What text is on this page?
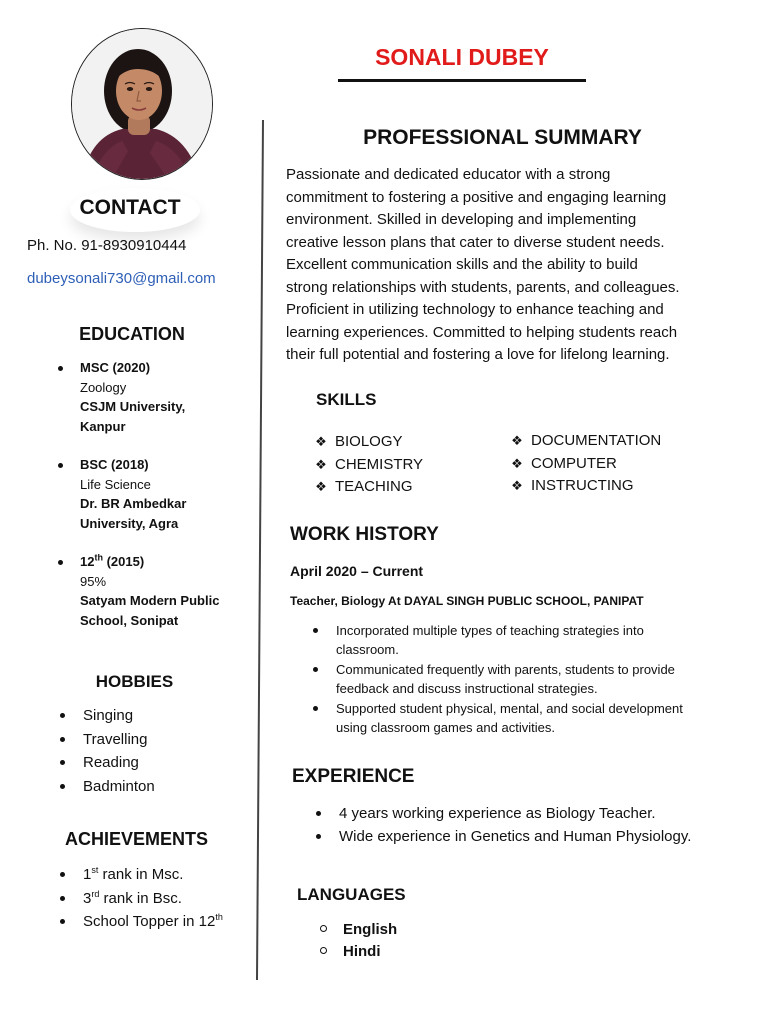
CONTACT
Ph. No. 91-8930910444
dubeysonali730@gmail.com
EDUCATION
MSC (2020)
Zoology
CSJM University,
Kanpur
BSC (2018)
Life Science
Dr. BR Ambedkar
University, Agra
12th (2015)
95%
Satyam Modern Public
School, Sonipat
HOBBIES
Singing
Travelling
Reading
Badminton
ACHIEVEMENTS
1st rank in Msc.
3rd rank in Bsc.
School Topper in 12th
SONALI DUBEY
PROFESSIONAL SUMMARY
Passionate and dedicated educator with a strong
commitment to fostering a positive and engaging learning
environment. Skilled in developing and implementing
creative lesson plans that cater to diverse student needs.
Excellent communication skills and the ability to build
strong relationships with students, parents, and colleagues.
Proficient in utilizing technology to enhance teaching and
learning experiences. Committed to helping students reach
their full potential and fostering a love for lifelong learning.
SKILLS
❖ BIOLOGY
❖ CHEMISTRY
❖ TEACHING
❖ DOCUMENTATION
❖ COMPUTER
❖ INSTRUCTING
WORK HISTORY
April 2020 – Current
Teacher, Biology At DAYAL SINGH PUBLIC SCHOOL, PANIPAT
Incorporated multiple types of teaching strategies into
classroom.
Communicated frequently with parents, students to provide
feedback and discuss instructional strategies.
Supported student physical, mental, and social development
using classroom games and activities.
EXPERIENCE
4 years working experience as Biology Teacher.
Wide experience in Genetics and Human Physiology.
LANGUAGES
English
Hindi
